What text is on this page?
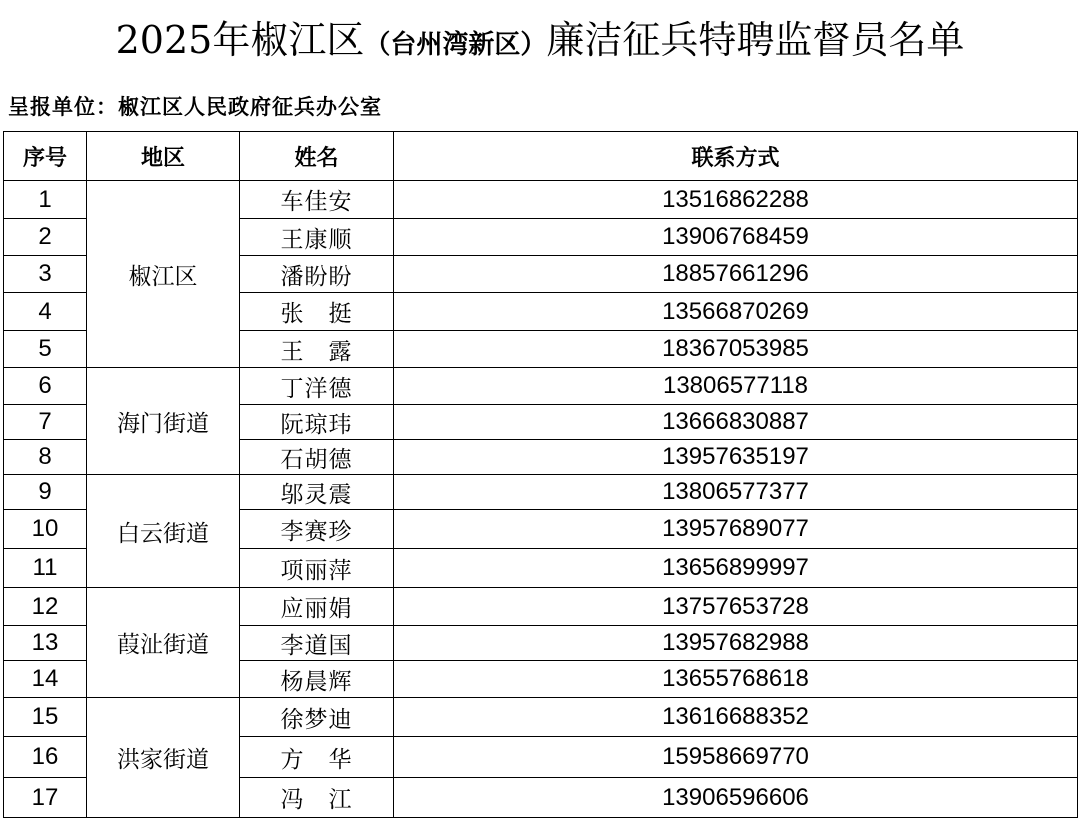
2025年椒江区（台州湾新区）廉洁征兵特聘监督员名单
呈报单位：椒江区人民政府征兵办公室
序号	地区	姓名	联系方式
1	椒江区	车佳安	13516862288
2		王康顺	13906768459
3		潘盼盼	18857661296
4		张　挺	13566870269
5		王　露	18367053985
6	海门街道	丁洋德	13806577118
7		阮琼玮	13666830887
8		石胡德	13957635197
9	白云街道	邬灵震	13806577377
10		李赛珍	13957689077
11		项丽萍	13656899997
12	葭沚街道	应丽娟	13757653728
13		李道国	13957682988
14		杨晨辉	13655768618
15	洪家街道	徐梦迪	13616688352
16		方　华	15958669770
17		冯　江	13906596606
